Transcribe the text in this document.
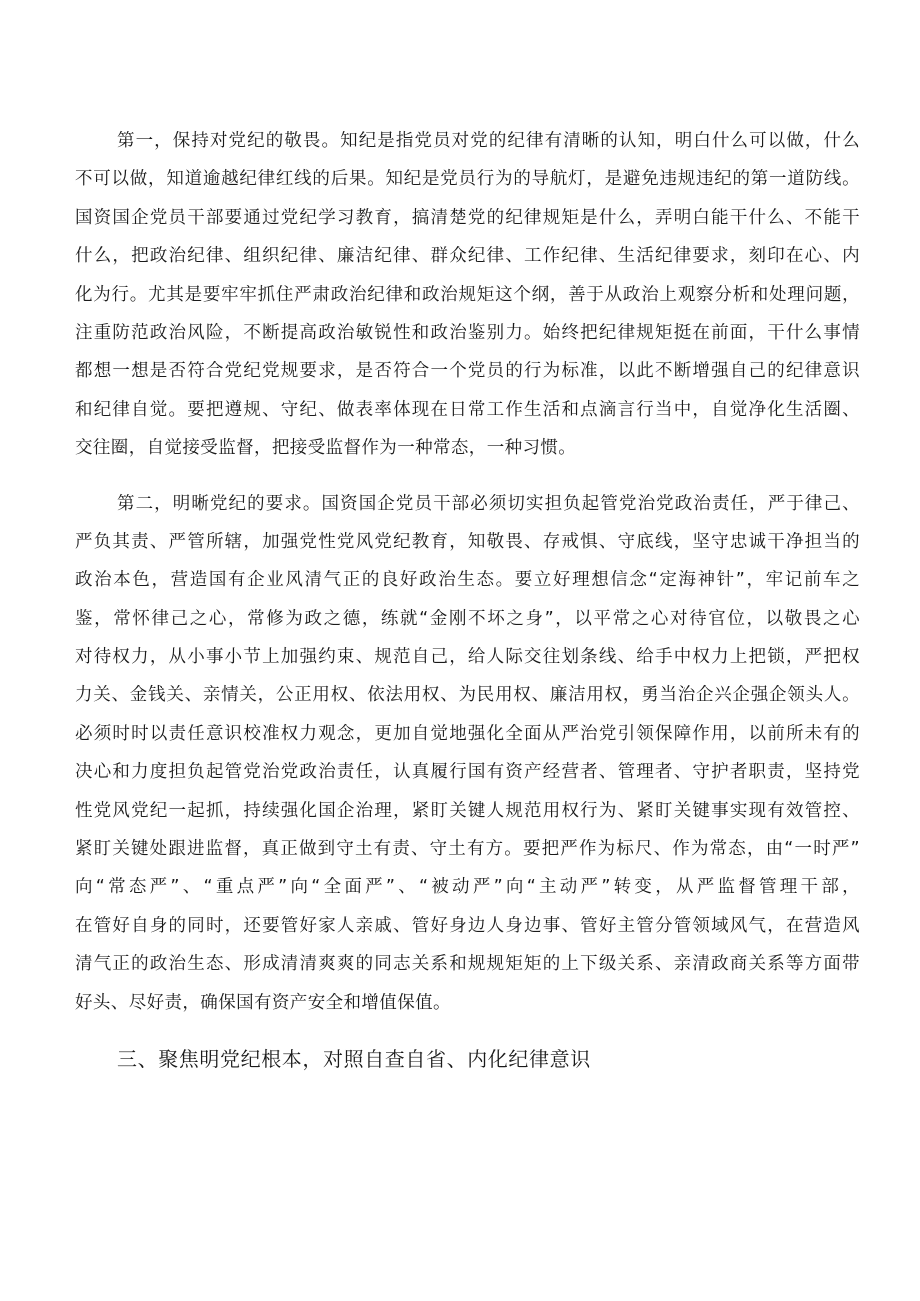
第一，保持对党纪的敬畏。知纪是指党员对党的纪律有清晰的认知，明白什么可以做，什么
不可以做，知道逾越纪律红线的后果。知纪是党员行为的导航灯，是避免违规违纪的第一道防线。
国资国企党员干部要通过党纪学习教育，搞清楚党的纪律规矩是什么，弄明白能干什么、不能干
什么，把政治纪律、组织纪律、廉洁纪律、群众纪律、工作纪律、生活纪律要求，刻印在心、内
化为行。尤其是要牢牢抓住严肃政治纪律和政治规矩这个纲，善于从政治上观察分析和处理问题，
注重防范政治风险，不断提高政治敏锐性和政治鉴别力。始终把纪律规矩挺在前面，干什么事情
都想一想是否符合党纪党规要求，是否符合一个党员的行为标准，以此不断增强自己的纪律意识
和纪律自觉。要把遵规、守纪、做表率体现在日常工作生活和点滴言行当中，自觉净化生活圈、
交往圈，自觉接受监督，把接受监督作为一种常态，一种习惯。
第二，明晰党纪的要求。国资国企党员干部必须切实担负起管党治党政治责任，严于律己、
严负其责、严管所辖，加强党性党风党纪教育，知敬畏、存戒惧、守底线，坚守忠诚干净担当的
政治本色，营造国有企业风清气正的良好政治生态。要立好理想信念“定海神针”，牢记前车之
鉴，常怀律己之心，常修为政之德，练就“金刚不坏之身”，以平常之心对待官位，以敬畏之心
对待权力，从小事小节上加强约束、规范自己，给人际交往划条线、给手中权力上把锁，严把权
力关、金钱关、亲情关，公正用权、依法用权、为民用权、廉洁用权，勇当治企兴企强企领头人。
必须时时以责任意识校准权力观念，更加自觉地强化全面从严治党引领保障作用，以前所未有的
决心和力度担负起管党治党政治责任，认真履行国有资产经营者、管理者、守护者职责，坚持党
性党风党纪一起抓，持续强化国企治理，紧盯关键人规范用权行为、紧盯关键事实现有效管控、
紧盯关键处跟进监督，真正做到守土有责、守土有方。要把严作为标尺、作为常态，由“一时严”
向“常态严”、“重点严”向“全面严”、“被动严”向“主动严”转变，从严监督管理干部，
在管好自身的同时，还要管好家人亲戚、管好身边人身边事、管好主管分管领域风气，在营造风
清气正的政治生态、形成清清爽爽的同志关系和规规矩矩的上下级关系、亲清政商关系等方面带
好头、尽好责，确保国有资产安全和增值保值。
三、聚焦明党纪根本，对照自查自省、内化纪律意识
